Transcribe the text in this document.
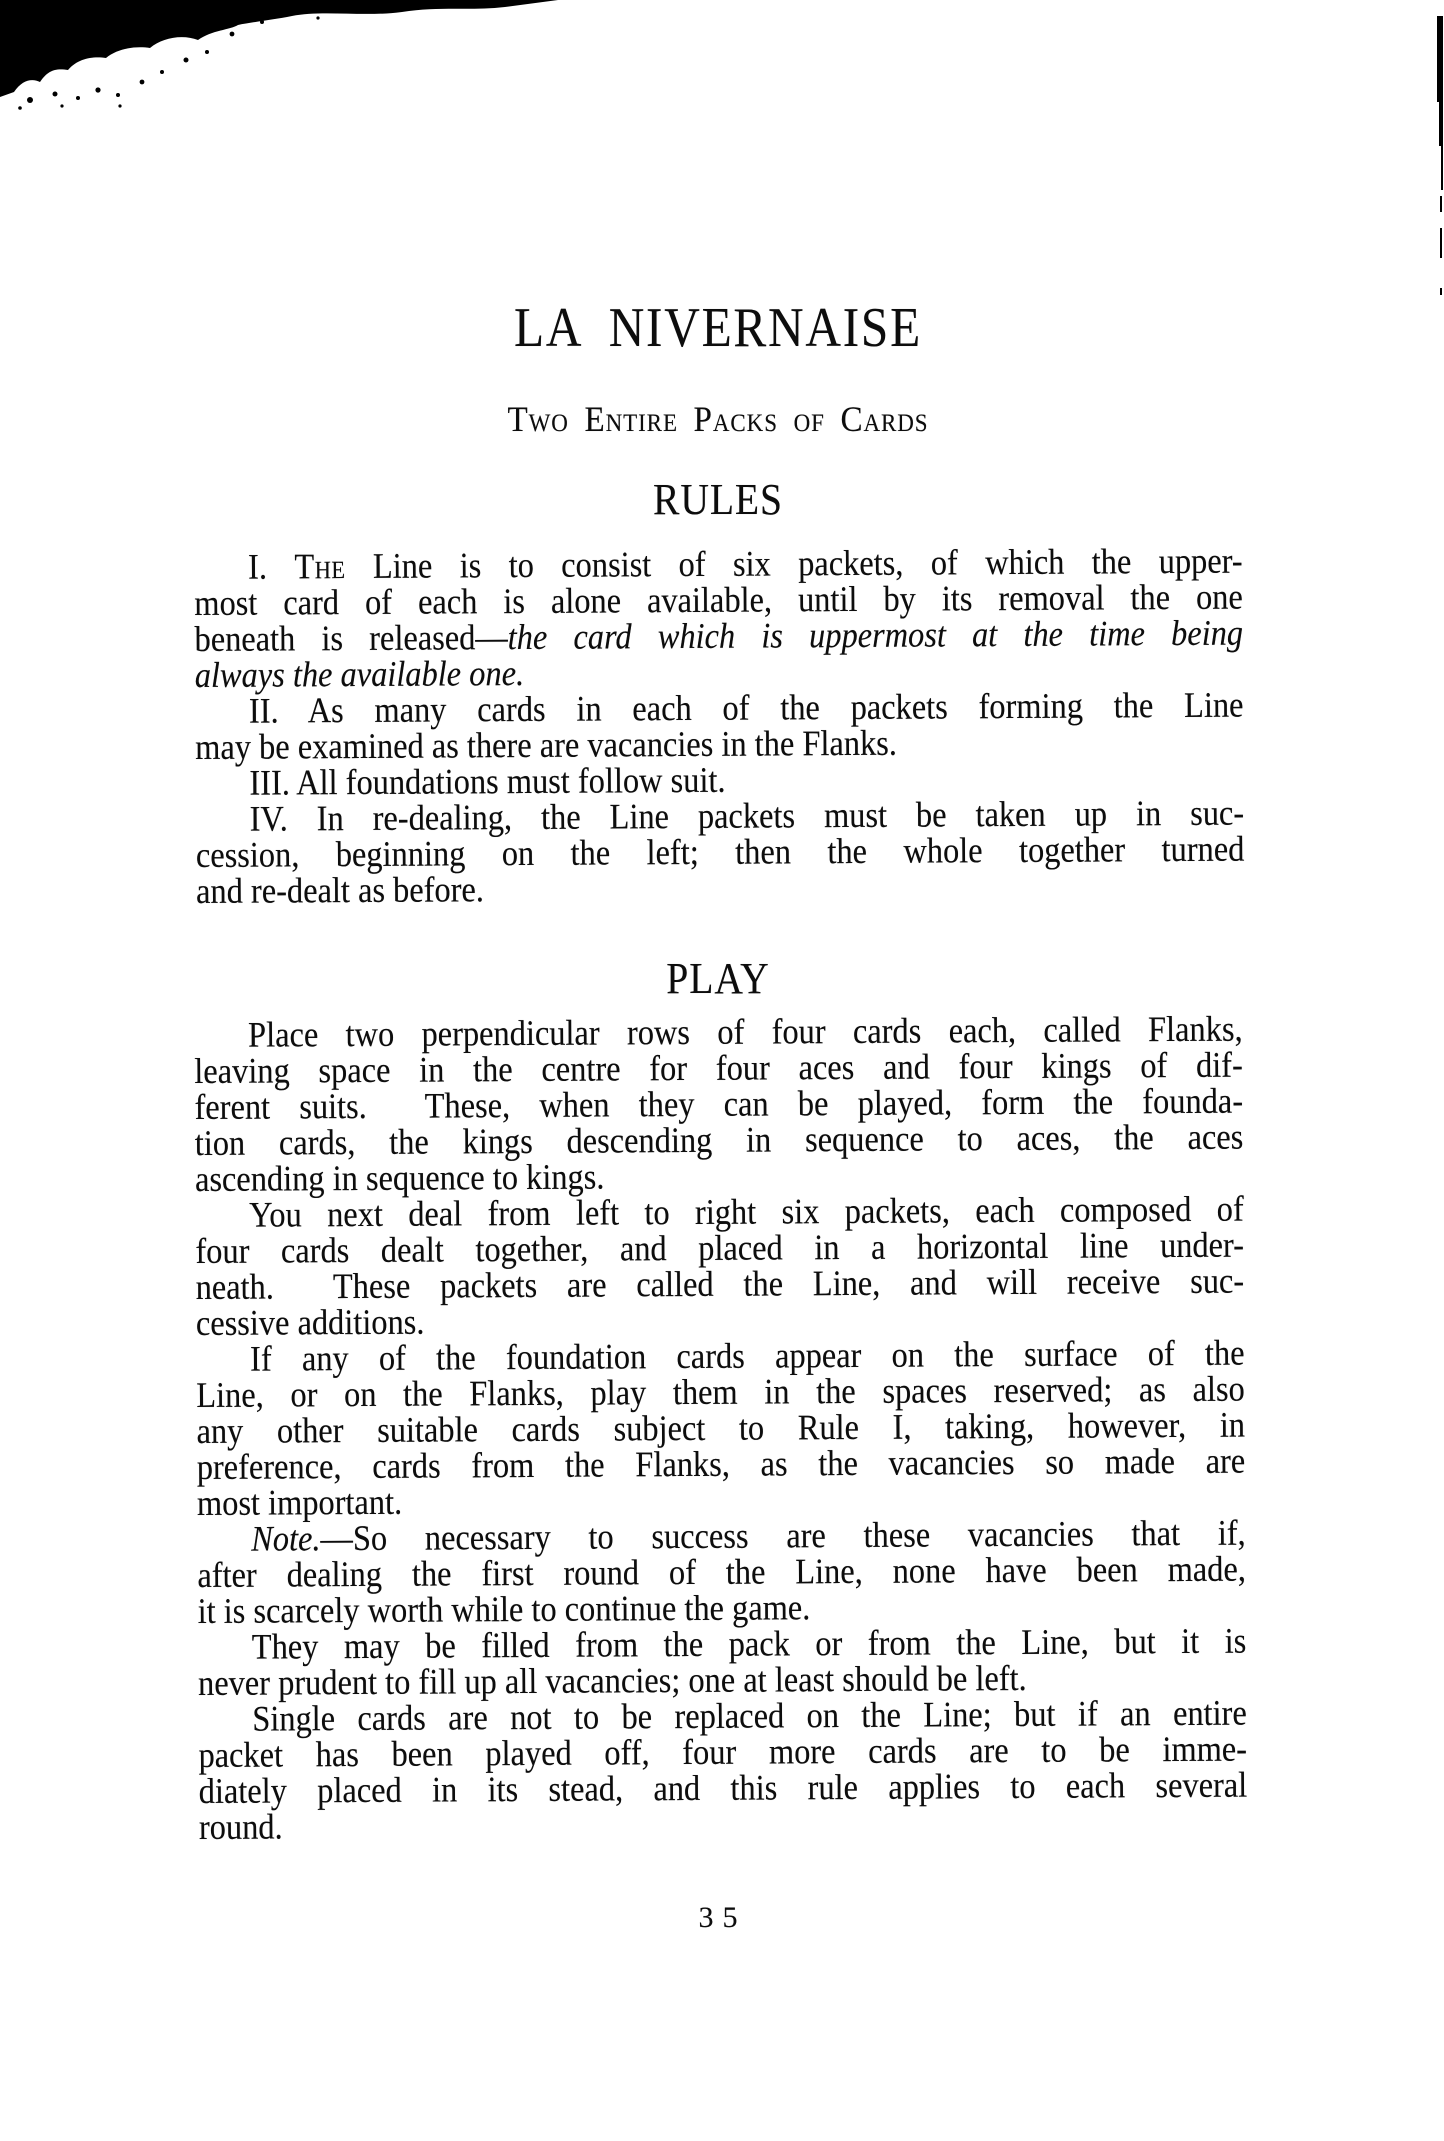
LA NIVERNAISE
Two Entire Packs of Cards
RULES
I. The Line is to consist of six packets, of which the upper-
most card of each is alone available, until by its removal the one
beneath is released—the card which is uppermost at the time being
always the available one.
II. As many cards in each of the packets forming the Line
may be examined as there are vacancies in the Flanks.
III. All foundations must follow suit.
IV. In re-dealing, the Line packets must be taken up in suc-
cession, beginning on the left; then the whole together turned
and re-dealt as before.
PLAY
Place two perpendicular rows of four cards each, called Flanks,
leaving space in the centre for four aces and four kings of dif-
ferent suits.  These, when they can be played, form the founda-
tion cards, the kings descending in sequence to aces, the aces
ascending in sequence to kings.
You next deal from left to right six packets, each composed of
four cards dealt together, and placed in a horizontal line under-
neath.  These packets are called the Line, and will receive suc-
cessive additions.
If any of the foundation cards appear on the surface of the
Line, or on the Flanks, play them in the spaces reserved; as also
any other suitable cards subject to Rule I, taking, however, in
preference, cards from the Flanks, as the vacancies so made are
most important.
Note.—So necessary to success are these vacancies that if,
after dealing the first round of the Line, none have been made,
it is scarcely worth while to continue the game.
They may be filled from the pack or from the Line, but it is
never prudent to fill up all vacancies; one at least should be left.
Single cards are not to be replaced on the Line; but if an entire
packet has been played off, four more cards are to be imme-
diately placed in its stead, and this rule applies to each several
round.
35
